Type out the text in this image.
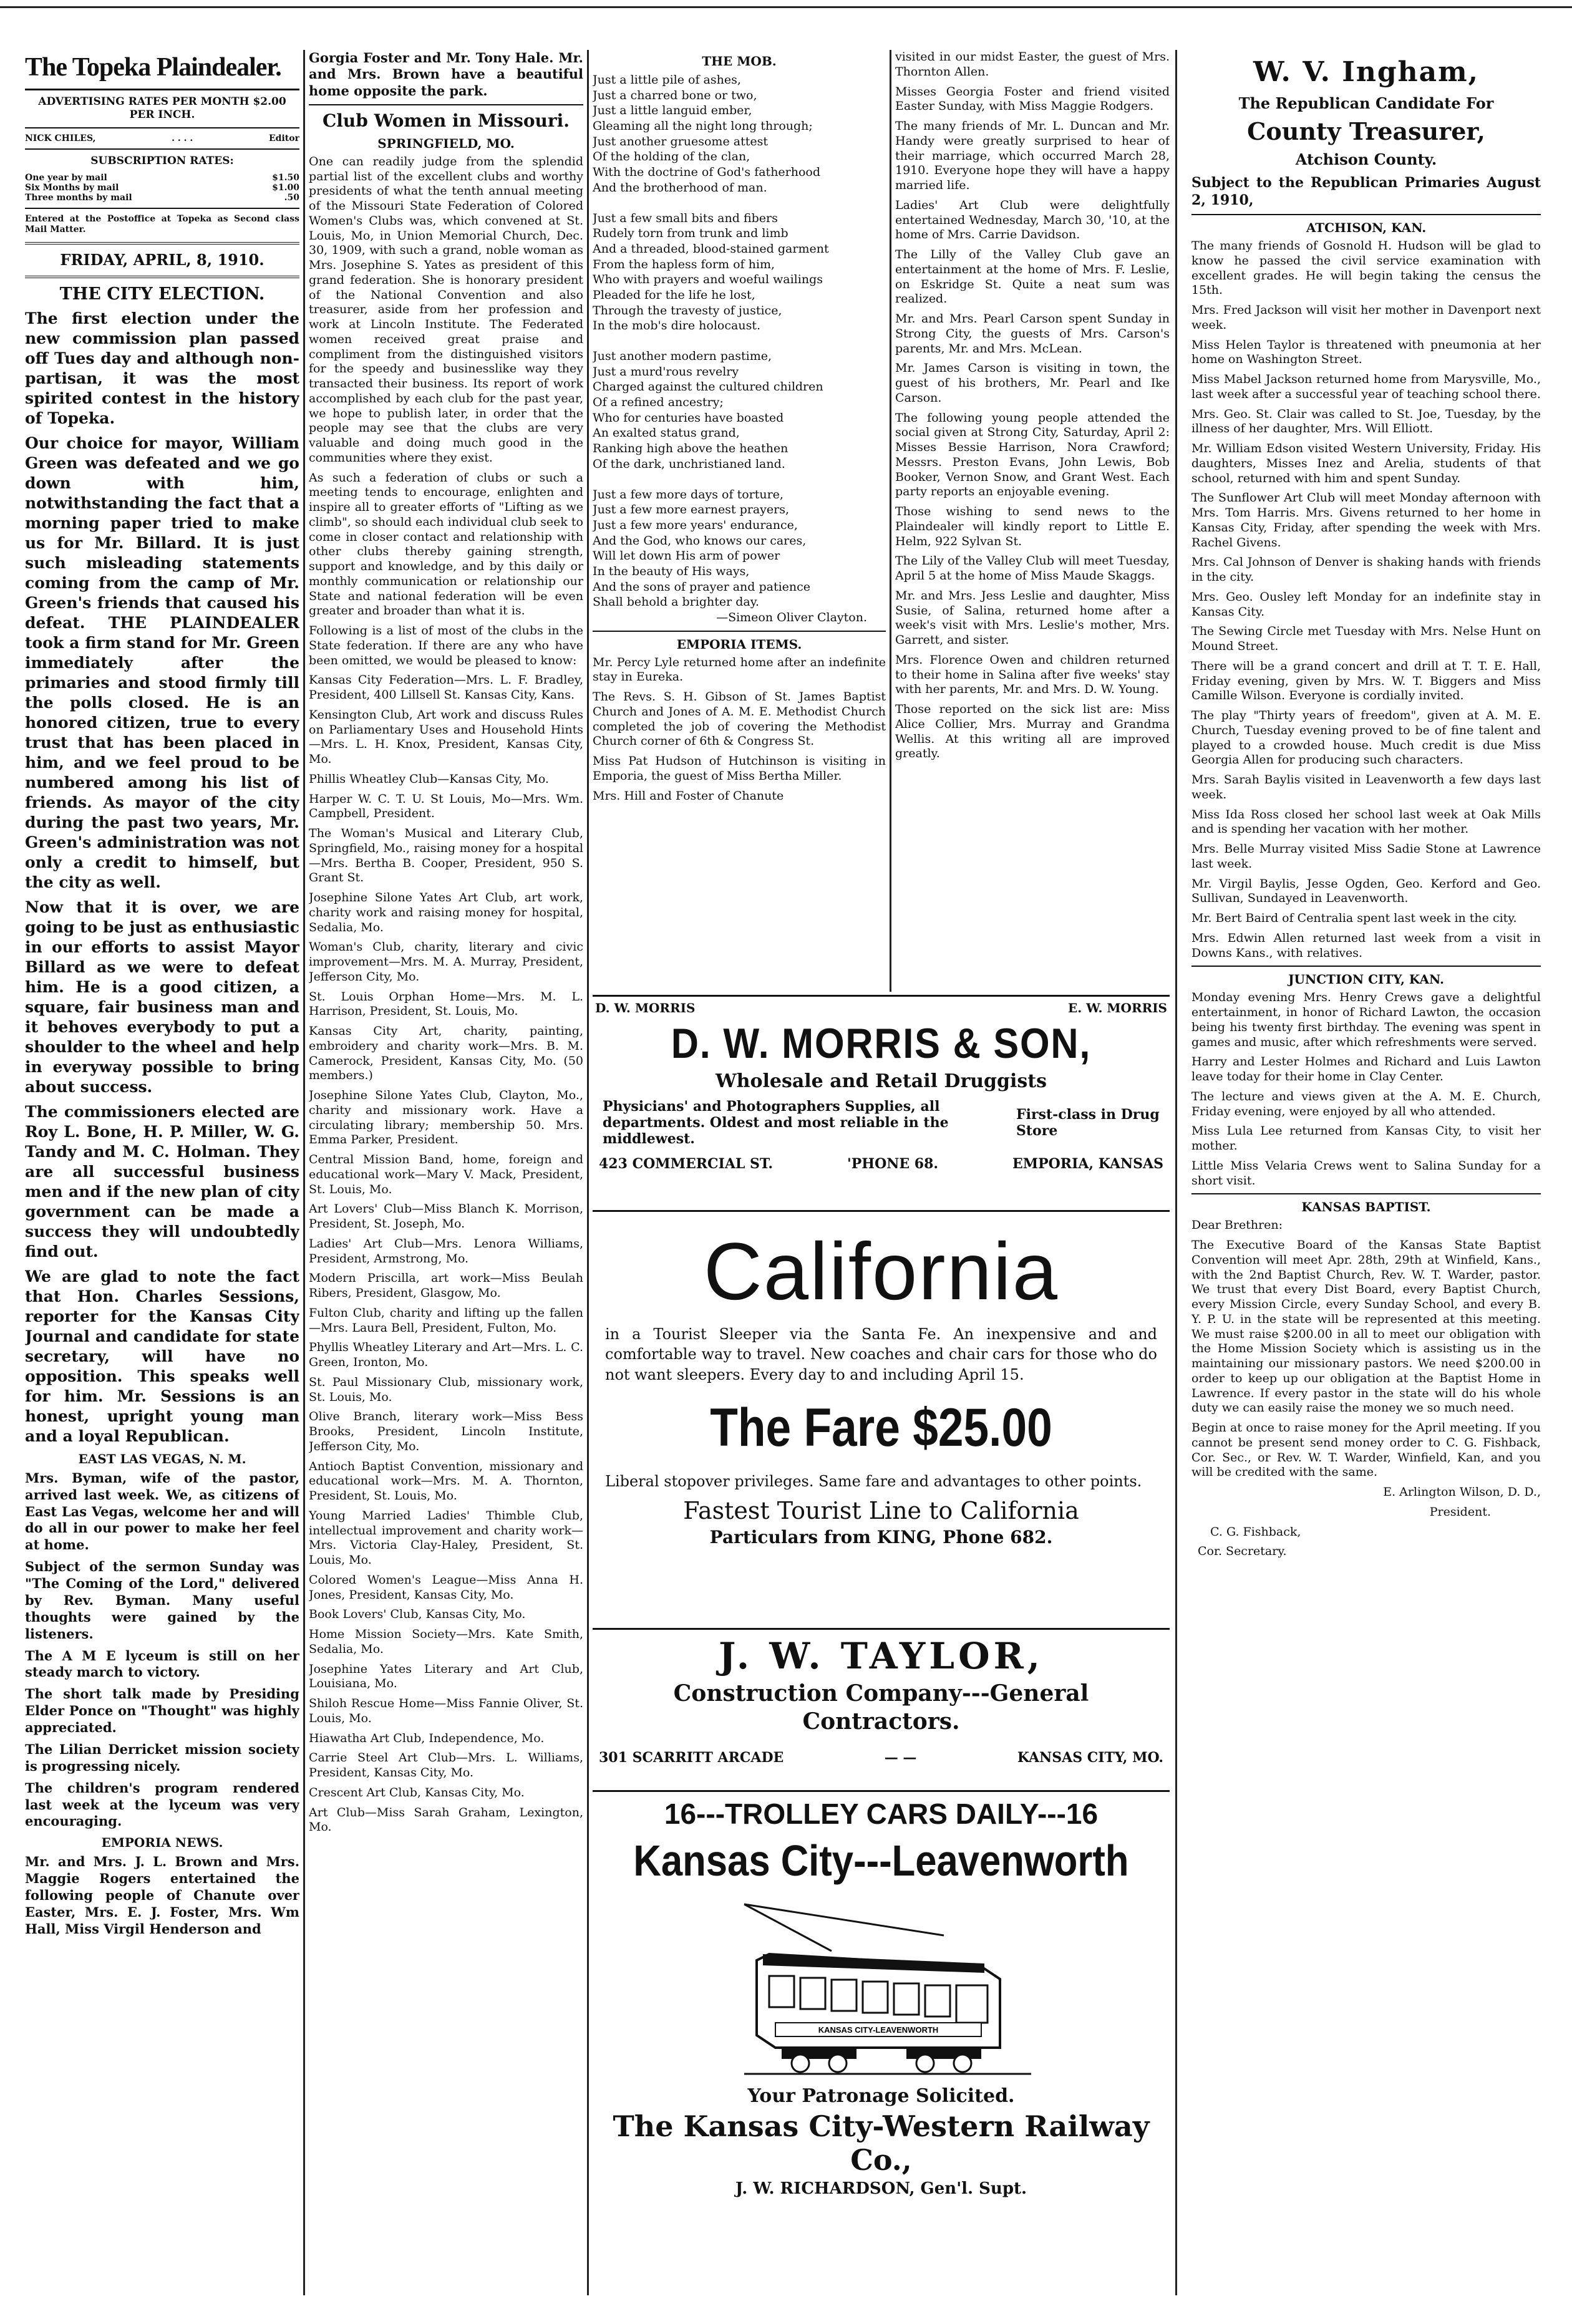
The Topeka Plaindealer.

ADVERTISING RATES PER MONTH $2.00 PER INCH.

NICK CHILES,	. . . .	Editor

SUBSCRIPTION RATES:

One year by mail	$1.50
Six Months by mail	$1.00
Three months by mail	.50

Entered at the Postoffice at Topeka as Second class Mail Matter.

FRIDAY, APRIL, 8, 1910.

THE CITY ELECTION.

The first election under the new commission plan passed off Tues day and although non-partisan, it was the most spirited contest in the history of Topeka.

Our choice for mayor, William Green was defeated and we go down with him, notwithstanding the fact that a morning paper tried to make us for Mr. Billard. It is just such misleading statements coming from the camp of Mr. Green's friends that caused his defeat. THE PLAINDEALER took a firm stand for Mr. Green immediately after the primaries and stood firmly till the polls closed. He is an honored citizen, true to every trust that has been placed in him, and we feel proud to be numbered among his list of friends. As mayor of the city during the past two years, Mr. Green's administration was not only a credit to himself, but the city as well.

Now that it is over, we are going to be just as enthusiastic in our efforts to assist Mayor Billard as we were to defeat him. He is a good citizen, a square, fair business man and it behoves everybody to put a shoulder to the wheel and help in everyway possible to bring about success.

The commissioners elected are Roy L. Bone, H. P. Miller, W. G. Tandy and M. C. Holman. They are all successful business men and if the new plan of city government can be made a success they will undoubtedly find out.

We are glad to note the fact that Hon. Charles Sessions, reporter for the Kansas City Journal and candidate for state secretary, will have no opposition. This speaks well for him. Mr. Sessions is an honest, upright young man and a loyal Republican.

EAST LAS VEGAS, N. M.

Mrs. Byman, wife of the pastor, arrived last week. We, as citizens of East Las Vegas, welcome her and will do all in our power to make her feel at home.

Subject of the sermon Sunday was "The Coming of the Lord," delivered by Rev. Byman. Many useful thoughts were gained by the listeners.

The A M E lyceum is still on her steady march to victory.

The short talk made by Presiding Elder Ponce on "Thought" was highly appreciated.

The Lilian Derricket mission society is progressing nicely.

The children's program rendered last week at the lyceum was very encouraging.

EMPORIA NEWS.

Mr. and Mrs. J. L. Brown and Mrs. Maggie Rogers entertained the following people of Chanute over Easter, Mrs. E. J. Foster, Mrs. Wm Hall, Miss Virgil Henderson and

Gorgia Foster and Mr. Tony Hale. Mr. and Mrs. Brown have a beautiful home opposite the park.

Club Women in Missouri.
SPRINGFIELD, MO.

One can readily judge from the splendid partial list of the excellent clubs and worthy presidents of what the tenth annual meeting of the Missouri State Federation of Colored Women's Clubs was, which convened at St. Louis, Mo, in Union Memorial Church, Dec. 30, 1909, with such a grand, noble woman as Mrs. Josephine S. Yates as president of this grand federation. She is honorary president of the National Convention and also treasurer, aside from her profession and work at Lincoln Institute. The Federated women received great praise and compliment from the distinguished visitors for the speedy and businesslike way they transacted their business. Its report of work accomplished by each club for the past year, we hope to publish later, in order that the people may see that the clubs are very valuable and doing much good in the communities where they exist.

As such a federation of clubs or such a meeting tends to encourage, enlighten and inspire all to greater efforts of "Lifting as we climb", so should each individual club seek to come in closer contact and relationship with other clubs thereby gaining strength, support and knowledge, and by this daily or monthly communication or relationship our State and national federation will be even greater and broader than what it is.

Following is a list of most of the clubs in the State federation. If there are any who have been omitted, we would be pleased to know:

Kansas City Federation—Mrs. L. F. Bradley, President, 400 Lillsell St. Kansas City, Kans.

Kensington Club, Art work and discuss Rules on Parliamentary Uses and Household Hints—Mrs. L. H. Knox, President, Kansas City, Mo.

Phillis Wheatley Club—Kansas City, Mo.

Harper W. C. T. U. St Louis, Mo—Mrs. Wm. Campbell, President.

The Woman's Musical and Literary Club, Springfield, Mo., raising money for a hospital—Mrs. Bertha B. Cooper, President, 950 S. Grant St.

Josephine Silone Yates Art Club, art work, charity work and raising money for hospital, Sedalia, Mo.

Woman's Club, charity, literary and civic improvement—Mrs. M. A. Murray, President, Jefferson City, Mo.

St. Louis Orphan Home—Mrs. M. L. Harrison, President, St. Louis, Mo.

Kansas City Art, charity, painting, embroidery and charity work—Mrs. B. M. Camerock, President, Kansas City, Mo. (50 members.)

Josephine Silone Yates Club, Clayton, Mo., charity and missionary work. Have a circulating library; membership 50. Mrs. Emma Parker, President.

Central Mission Band, home, foreign and educational work—Mary V. Mack, President, St. Louis, Mo.

Art Lovers' Club—Miss Blanch K. Morrison, President, St. Joseph, Mo.

Ladies' Art Club—Mrs. Lenora Williams, President, Armstrong, Mo.

Modern Priscilla, art work—Miss Beulah Ribers, President, Glasgow, Mo.

Fulton Club, charity and lifting up the fallen—Mrs. Laura Bell, President, Fulton, Mo.

Phyllis Wheatley Literary and Art—Mrs. L. C. Green, Ironton, Mo.

St. Paul Missionary Club, missionary work, St. Louis, Mo.

Olive Branch, literary work—Miss Bess Brooks, President, Lincoln Institute, Jefferson City, Mo.

Antioch Baptist Convention, missionary and educational work—Mrs. M. A. Thornton, President, St. Louis, Mo.

Young Married Ladies' Thimble Club, intellectual improvement and charity work—Mrs. Victoria Clay-Haley, President, St. Louis, Mo.

Colored Women's League—Miss Anna H. Jones, President, Kansas City, Mo.

Book Lovers' Club, Kansas City, Mo.

Home Mission Society—Mrs. Kate Smith, Sedalia, Mo.

Josephine Yates Literary and Art Club, Louisiana, Mo.

Shiloh Rescue Home—Miss Fannie Oliver, St. Louis, Mo.

Hiawatha Art Club, Independence, Mo.

Carrie Steel Art Club—Mrs. L. Williams, President, Kansas City, Mo.

Crescent Art Club, Kansas City, Mo.

Art Club—Miss Sarah Graham, Lexington, Mo.

THE MOB.

Just a little pile of ashes,

Just a charred bone or two,

Just a little languid ember,

Gleaming all the night long through;

Just another gruesome attest

Of the holding of the clan,

With the doctrine of God's fatherhood

And the brotherhood of man.

Just a few small bits and fibers

Rudely torn from trunk and limb

And a threaded, blood-stained garment

From the hapless form of him,

Who with prayers and woeful wailings

Pleaded for the life he lost,

Through the travesty of justice,

In the mob's dire holocaust.

Just another modern pastime,

Just a murd'rous revelry

Charged against the cultured children

Of a refined ancestry;

Who for centuries have boasted

An exalted status grand,

Ranking high above the heathen

Of the dark, unchristianed land.

Just a few more days of torture,

Just a few more earnest prayers,

Just a few more years' endurance,

And the God, who knows our cares,

Will let down His arm of power

In the beauty of His ways,

And the sons of prayer and patience

Shall behold a brighter day.

—Simeon Oliver Clayton.

EMPORIA ITEMS.

Mr. Percy Lyle returned home after an indefinite stay in Eureka.

The Revs. S. H. Gibson of St. James Baptist Church and Jones of A. M. E. Methodist Church completed the job of covering the Methodist Church corner of 6th & Congress St.

Miss Pat Hudson of Hutchinson is visiting in Emporia, the guest of Miss Bertha Miller.

Mrs. Hill and Foster of Chanute

visited in our midst Easter, the guest of Mrs. Thornton Allen.

Misses Georgia Foster and friend visited Easter Sunday, with Miss Maggie Rodgers.

The many friends of Mr. L. Duncan and Mr. Handy were greatly surprised to hear of their marriage, which occurred March 28, 1910. Everyone hope they will have a happy married life.

Ladies' Art Club were delightfully entertained Wednesday, March 30, '10, at the home of Mrs. Carrie Davidson.

The Lilly of the Valley Club gave an entertainment at the home of Mrs. F. Leslie, on Eskridge St. Quite a neat sum was realized.

Mr. and Mrs. Pearl Carson spent Sunday in Strong City, the guests of Mrs. Carson's parents, Mr. and Mrs. McLean.

Mr. James Carson is visiting in town, the guest of his brothers, Mr. Pearl and Ike Carson.

The following young people attended the social given at Strong City, Saturday, April 2: Misses Bessie Harrison, Nora Crawford; Messrs. Preston Evans, John Lewis, Bob Booker, Vernon Snow, and Grant West. Each party reports an enjoyable evening.

Those wishing to send news to the Plaindealer will kindly report to Little E. Helm, 922 Sylvan St.

The Lily of the Valley Club will meet Tuesday, April 5 at the home of Miss Maude Skaggs.

Mr. and Mrs. Jess Leslie and daughter, Miss Susie, of Salina, returned home after a week's visit with Mrs. Leslie's mother, Mrs. Garrett, and sister.

Mrs. Florence Owen and children returned to their home in Salina after five weeks' stay with her parents, Mr. and Mrs. D. W. Young.

Those reported on the sick list are: Miss Alice Collier, Mrs. Murray and Grandma Wellis. At this writing all are improved greatly.

D. W. MORRIS	E. W. MORRIS
D. W. MORRIS & SON,
Wholesale and Retail Druggists
Physicians' and Photographers Supplies, all departments. Oldest and most reliable in the middlewest.
First-class in Drug Store
423 COMMERCIAL ST.	'PHONE 68.	EMPORIA, KANSAS
California
in a Tourist Sleeper via the Santa Fe. An inexpensive and and comfortable way to travel. New coaches and chair cars for those who do not want sleepers. Every day to and including April 15.
The Fare $25.00
Liberal stopover privileges. Same fare and advantages to other points.
Fastest Tourist Line to California
Particulars from KING, Phone 682.
J. W. TAYLOR,
Construction Company---General Contractors.
301 SCARRITT ARCADE	— —	KANSAS CITY, MO.
16---TROLLEY CARS DAILY---16
Kansas City---Leavenworth
KANSAS CITY-LEAVENWORTH
Your Patronage Solicited.
The Kansas City-Western Railway Co.,
J. W. RICHARDSON, Gen'l. Supt.
W. V. Ingham,
The Republican Candidate For
County Treasurer,
Atchison County.

Subject to the Republican Primaries August 2, 1910,

ATCHISON, KAN.

The many friends of Gosnold H. Hudson will be glad to know he passed the civil service examination with excellent grades. He will begin taking the census the 15th.

Mrs. Fred Jackson will visit her mother in Davenport next week.

Miss Helen Taylor is threatened with pneumonia at her home on Washington Street.

Miss Mabel Jackson returned home from Marysville, Mo., last week after a successful year of teaching school there.

Mrs. Geo. St. Clair was called to St. Joe, Tuesday, by the illness of her daughter, Mrs. Will Elliott.

Mr. William Edson visited Western University, Friday. His daughters, Misses Inez and Arelia, students of that school, returned with him and spent Sunday.

The Sunflower Art Club will meet Monday afternoon with Mrs. Tom Harris. Mrs. Givens returned to her home in Kansas City, Friday, after spending the week with Mrs. Rachel Givens.

Mrs. Cal Johnson of Denver is shaking hands with friends in the city.

Mrs. Geo. Ousley left Monday for an indefinite stay in Kansas City.

The Sewing Circle met Tuesday with Mrs. Nelse Hunt on Mound Street.

There will be a grand concert and drill at T. T. E. Hall, Friday evening, given by Mrs. W. T. Biggers and Miss Camille Wilson. Everyone is cordially invited.

The play "Thirty years of freedom", given at A. M. E. Church, Tuesday evening proved to be of fine talent and played to a crowded house. Much credit is due Miss Georgia Allen for producing such characters.

Mrs. Sarah Baylis visited in Leavenworth a few days last week.

Miss Ida Ross closed her school last week at Oak Mills and is spending her vacation with her mother.

Mrs. Belle Murray visited Miss Sadie Stone at Lawrence last week.

Mr. Virgil Baylis, Jesse Ogden, Geo. Kerford and Geo. Sullivan, Sundayed in Leavenworth.

Mr. Bert Baird of Centralia spent last week in the city.

Mrs. Edwin Allen returned last week from a visit in Downs Kans., with relatives.

JUNCTION CITY, KAN.

Monday evening Mrs. Henry Crews gave a delightful entertainment, in honor of Richard Lawton, the occasion being his twenty first birthday. The evening was spent in games and music, after which refreshments were served.

Harry and Lester Holmes and Richard and Luis Lawton leave today for their home in Clay Center.

The lecture and views given at the A. M. E. Church, Friday evening, were enjoyed by all who attended.

Miss Lula Lee returned from Kansas City, to visit her mother.

Little Miss Velaria Crews went to Salina Sunday for a short visit.

KANSAS BAPTIST.

Dear Brethren:

The Executive Board of the Kansas State Baptist Convention will meet Apr. 28th, 29th at Winfield, Kans., with the 2nd Baptist Church, Rev. W. T. Warder, pastor. We trust that every Dist Board, every Baptist Church, every Mission Circle, every Sunday School, and every B. Y. P. U. in the state will be represented at this meeting. We must raise $200.00 in all to meet our obligation with the Home Mission Society which is assisting us in the maintaining our missionary pastors. We need $200.00 in order to keep up our obligation at the Baptist Home in Lawrence. If every pastor in the state will do his whole duty we can easily raise the money we so much need.

Begin at once to raise money for the April meeting. If you cannot be present send money order to C. G. Fishback, Cor. Sec., or Rev. W. T. Warder, Winfield, Kan, and you will be credited with the same.

E. Arlington Wilson, D. D.,

President.

C. G. Fishback,

Cor. Secretary.
